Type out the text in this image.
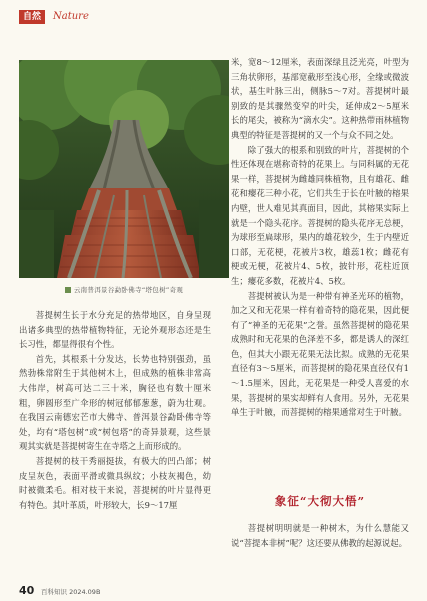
自然	Nature
云南普洱景谷勐卧佛寺“塔包树”奇观

菩提树生长于水分充足的热带地区，自身呈现出诸多典型的热带植物特征，无论外观形态还是生长习性，都显得很有个性。

首先，其根系十分发达，长势也特别强劲，虽然勃株常附生于其他树木上，但成熟的植株非常高大伟岸，树高可达二三十米，胸径也有数十厘米粗，卵圆形至广伞形的树冠郁郁葱葱，蔚为壮观。在我国云南德宏芒市大佛寺、普洱景谷勐卧佛寺等处，均有“塔包树”或“树包塔”的奇异景观，这些景观其实就是菩提树寄生在寺塔之上而形成的。

菩提树的枝干秀丽挺拔，有极大的凹凸部；树皮呈灰色，表面平滑或微具纵纹；小枝灰褐色，幼时被微柔毛。相对枝干来说，菩提树的叶片显得更有特色。其叶革质，叶形较大，长9～17厘

米，宽8～12厘米，表面深绿且泛光亮，叶型为三角状卵形，基部宽截形至浅心形，全缘或微波状，基生叶脉三出，侧脉5～7对。菩提树叶最别致的是其骤然变窄的叶尖，延伸成2～5厘米长的尾尖，被称为“滴水尖”。这种热带雨林植物典型的特征是菩提树的又一个与众不同之处。

除了强大的根系和别致的叶片，菩提树的个性还体现在堪称奇特的花果上。与同科属的无花果一样，菩提树为雌雄同株植物，且有雄花、雌花和瘿花三种小花，它们共生于长在叶腋的榕果内壁，世人难见其真面目，因此，其榕果实际上就是一个隐头花序。菩提树的隐头花序无总梗，为球形至扁球形，果内的雄花较少，生于内壁近口部，无花梗，花被片3枚，雄蕊1枚；雌花有梗或无梗，花被片4、5枚，披针形，花柱近顶生；瘿花多数，花被片4、5枚。

菩提树被认为是一种带有神圣光环的植物，加之又和无花果一样有着奇特的隐花果，因此便有了“神圣的无花果”之誉。虽然菩提树的隐花果成熟时和无花果的色泽差不多，都是诱人的深红色，但其大小跟无花果无法比拟。成熟的无花果直径有3～5厘米，而菩提树的隐花果直径仅有1～1.5厘米，因此，无花果是一种受人喜爱的水果，菩提树的果实却鲜有人食用。另外，无花果单生于叶腋，而菩提树的榕果通常对生于叶腋。

象征“大彻大悟”

菩提树明明就是一种树木，为什么慧能又说“菩提本非树”呢？这还要从佛教的起源说起。

40 百科知识 2024.09B
